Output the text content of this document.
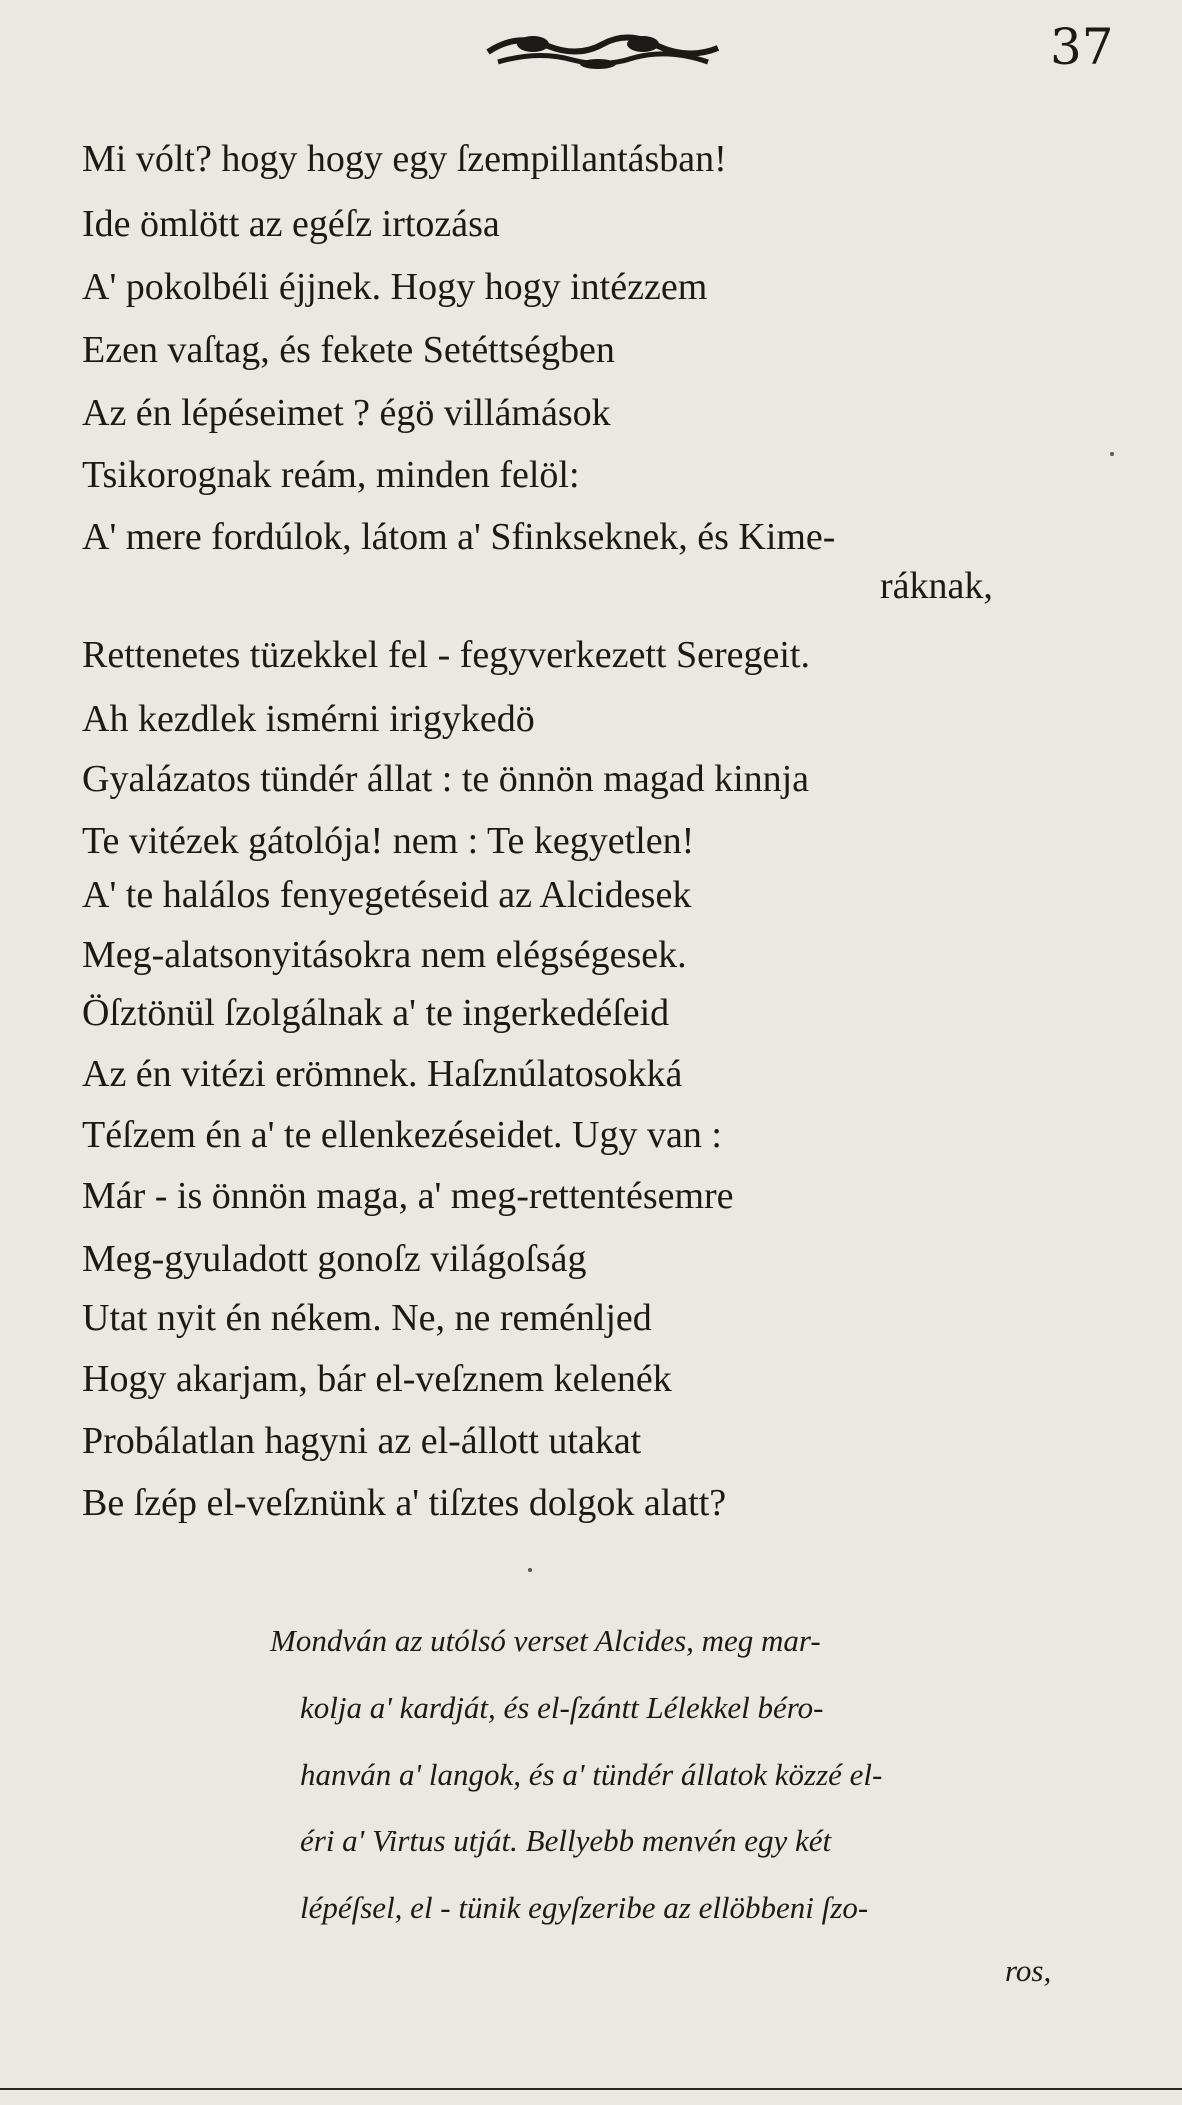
37
Mi vólt? hogy hogy egy ſzempillantásban!
Ide ömlött az egéſz irtozása
A' pokolbéli éjjnek. Hogy hogy intézzem
Ezen vaſtag, és fekete Setéttségben
Az én lépéseimet ? égö villámások
Tsikorognak reám, minden felöl:
A' mere fordúlok, látom a' Sfinkseknek, és Kime-
ráknak,
Rettenetes tüzekkel fel - fegyverkezett Seregeit.
Ah kezdlek ismérni irigykedö
Gyalázatos tündér állat : te önnön magad kinnja
Te vitézek gátolója! nem : Te kegyetlen!
A' te halálos fenyegetéseid az Alcidesek
Meg-alatsonyitásokra nem elégségesek.
Öſztönül ſzolgálnak a' te ingerkedéſeid
Az én vitézi erömnek. Haſznúlatosokká
Téſzem én a' te ellenkezéseidet. Ugy van :
Már - is önnön maga, a' meg-rettentésemre
Meg-gyuladott gonoſz világoſság
Utat nyit én nékem. Ne, ne reménljed
Hogy akarjam, bár el-veſznem kelenék
Probálatlan hagyni az el-állott utakat
Be ſzép el-veſznünk a' tiſztes dolgok alatt?
Mondván az utólsó verset Alcides, meg mar-
kolja a' kardját, és el-ſzántt Lélekkel béro-
hanván a' langok, és a' tündér állatok közzé el-
éri a' Virtus utját. Bellyebb menvén egy két
lépéſsel, el - tünik egyſzeribe az ellöbbeni ſzo-
ros,
